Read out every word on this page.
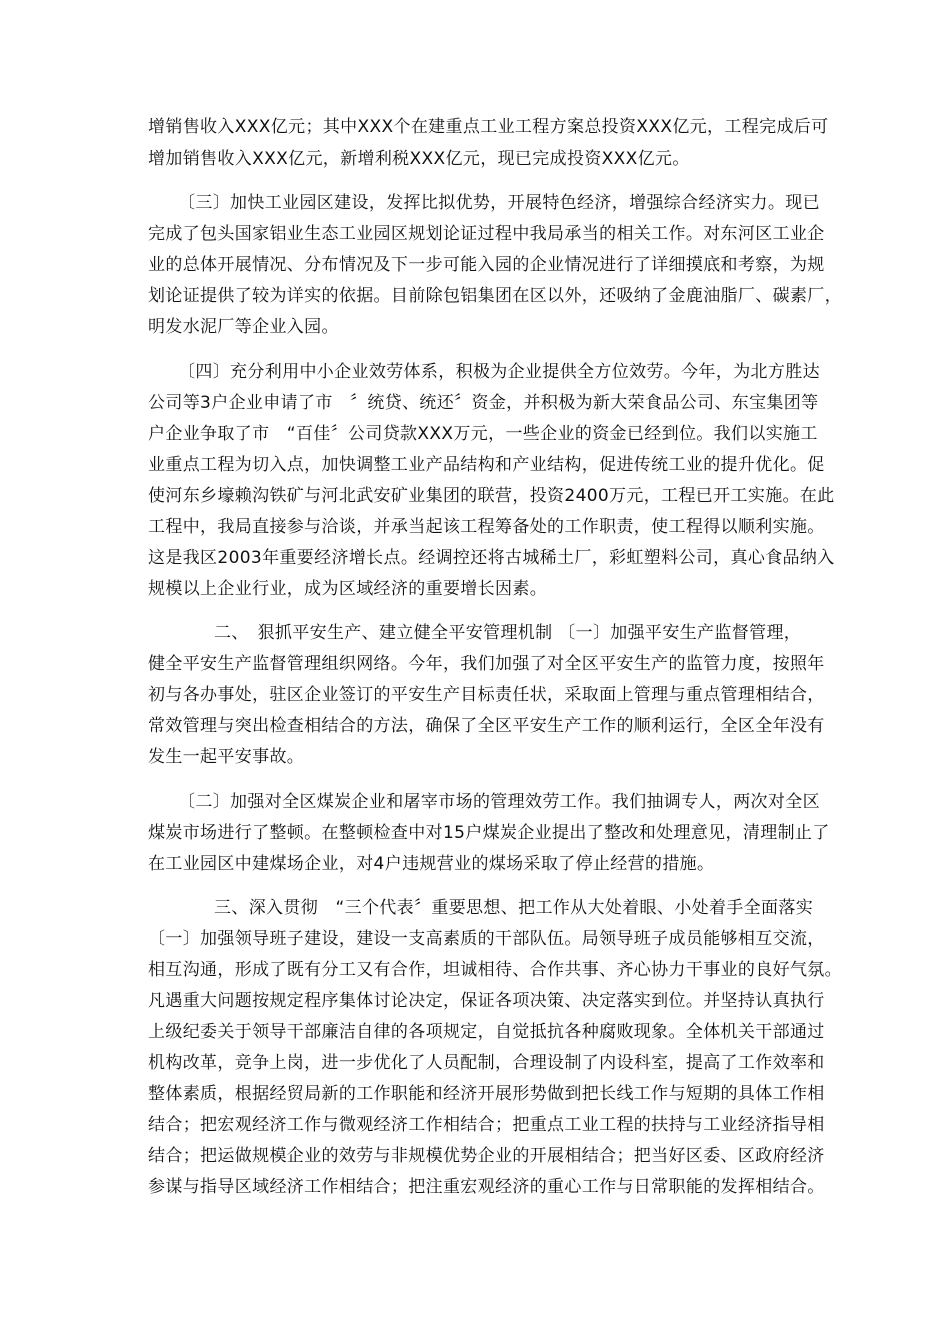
增销售收入XXX亿元；其中XXX个在建重点工业工程方案总投资XXX亿元，工程完成后可
增加销售收入XXX亿元，新增利税XXX亿元，现已完成投资XXX亿元。
〔三〕加快工业园区建设，发挥比拟优势，开展特色经济，增强综合经济实力。现已
完成了包头国家铝业生态工业园区规划论证过程中我局承当的相关工作。对东河区工业企
业的总体开展情况、分布情况及下一步可能入园的企业情况进行了详细摸底和考察，为规
划论证提供了较为详实的依据。目前除包铝集团在区以外，还吸纳了金鹿油脂厂、碳素厂，
明发水泥厂等企业入园。
〔四〕充分利用中小企业效劳体系，积极为企业提供全方位效劳。今年，为北方胜达
公司等3户企业申请了市　〞统贷、统还〞资金，并积极为新大荣食品公司、东宝集团等
户企业争取了市　“百佳〞公司贷款XXX万元，一些企业的资金已经到位。我们以实施工
业重点工程为切入点，加快调整工业产品结构和产业结构，促进传统工业的提升优化。促
使河东乡壕赖沟铁矿与河北武安矿业集团的联营，投资2400万元，工程已开工实施。在此
工程中，我局直接参与洽谈，并承当起该工程筹备处的工作职责，使工程得以顺利实施。
这是我区2003年重要经济增长点。经调控还将古城稀土厂，彩虹塑料公司，真心食品纳入
规模以上企业行业，成为区域经济的重要增长因素。
二、　狠抓平安生产、建立健全平安管理机制 〔一〕加强平安生产监督管理，
健全平安生产监督管理组织网络。今年，我们加强了对全区平安生产的监管力度，按照年
初与各办事处，驻区企业签订的平安生产目标责任状，采取面上管理与重点管理相结合，
常效管理与突出检查相结合的方法，确保了全区平安生产工作的顺利运行，全区全年没有
发生一起平安事故。
〔二〕加强对全区煤炭企业和屠宰市场的管理效劳工作。我们抽调专人，两次对全区
煤炭市场进行了整顿。在整顿检查中对15户煤炭企业提出了整改和处理意见，清理制止了
在工业园区中建煤场企业，对4户违规营业的煤场采取了停止经营的措施。
三、深入贯彻　“三个代表〞重要思想、把工作从大处着眼、小处着手全面落实
〔一〕加强领导班子建设，建设一支高素质的干部队伍。局领导班子成员能够相互交流，
相互沟通，形成了既有分工又有合作，坦诚相待、合作共事、齐心协力干事业的良好气氛。
凡遇重大问题按规定程序集体讨论决定，保证各项决策、决定落实到位。并坚持认真执行
上级纪委关于领导干部廉洁自律的各项规定，自觉抵抗各种腐败现象。全体机关干部通过
机构改革，竞争上岗，进一步优化了人员配制，合理设制了内设科室，提高了工作效率和
整体素质，根据经贸局新的工作职能和经济开展形势做到把长线工作与短期的具体工作相
结合；把宏观经济工作与微观经济工作相结合；把重点工业工程的扶持与工业经济指导相
结合；把运做规模企业的效劳与非规模优势企业的开展相结合；把当好区委、区政府经济
参谋与指导区域经济工作相结合；把注重宏观经济的重心工作与日常职能的发挥相结合。
